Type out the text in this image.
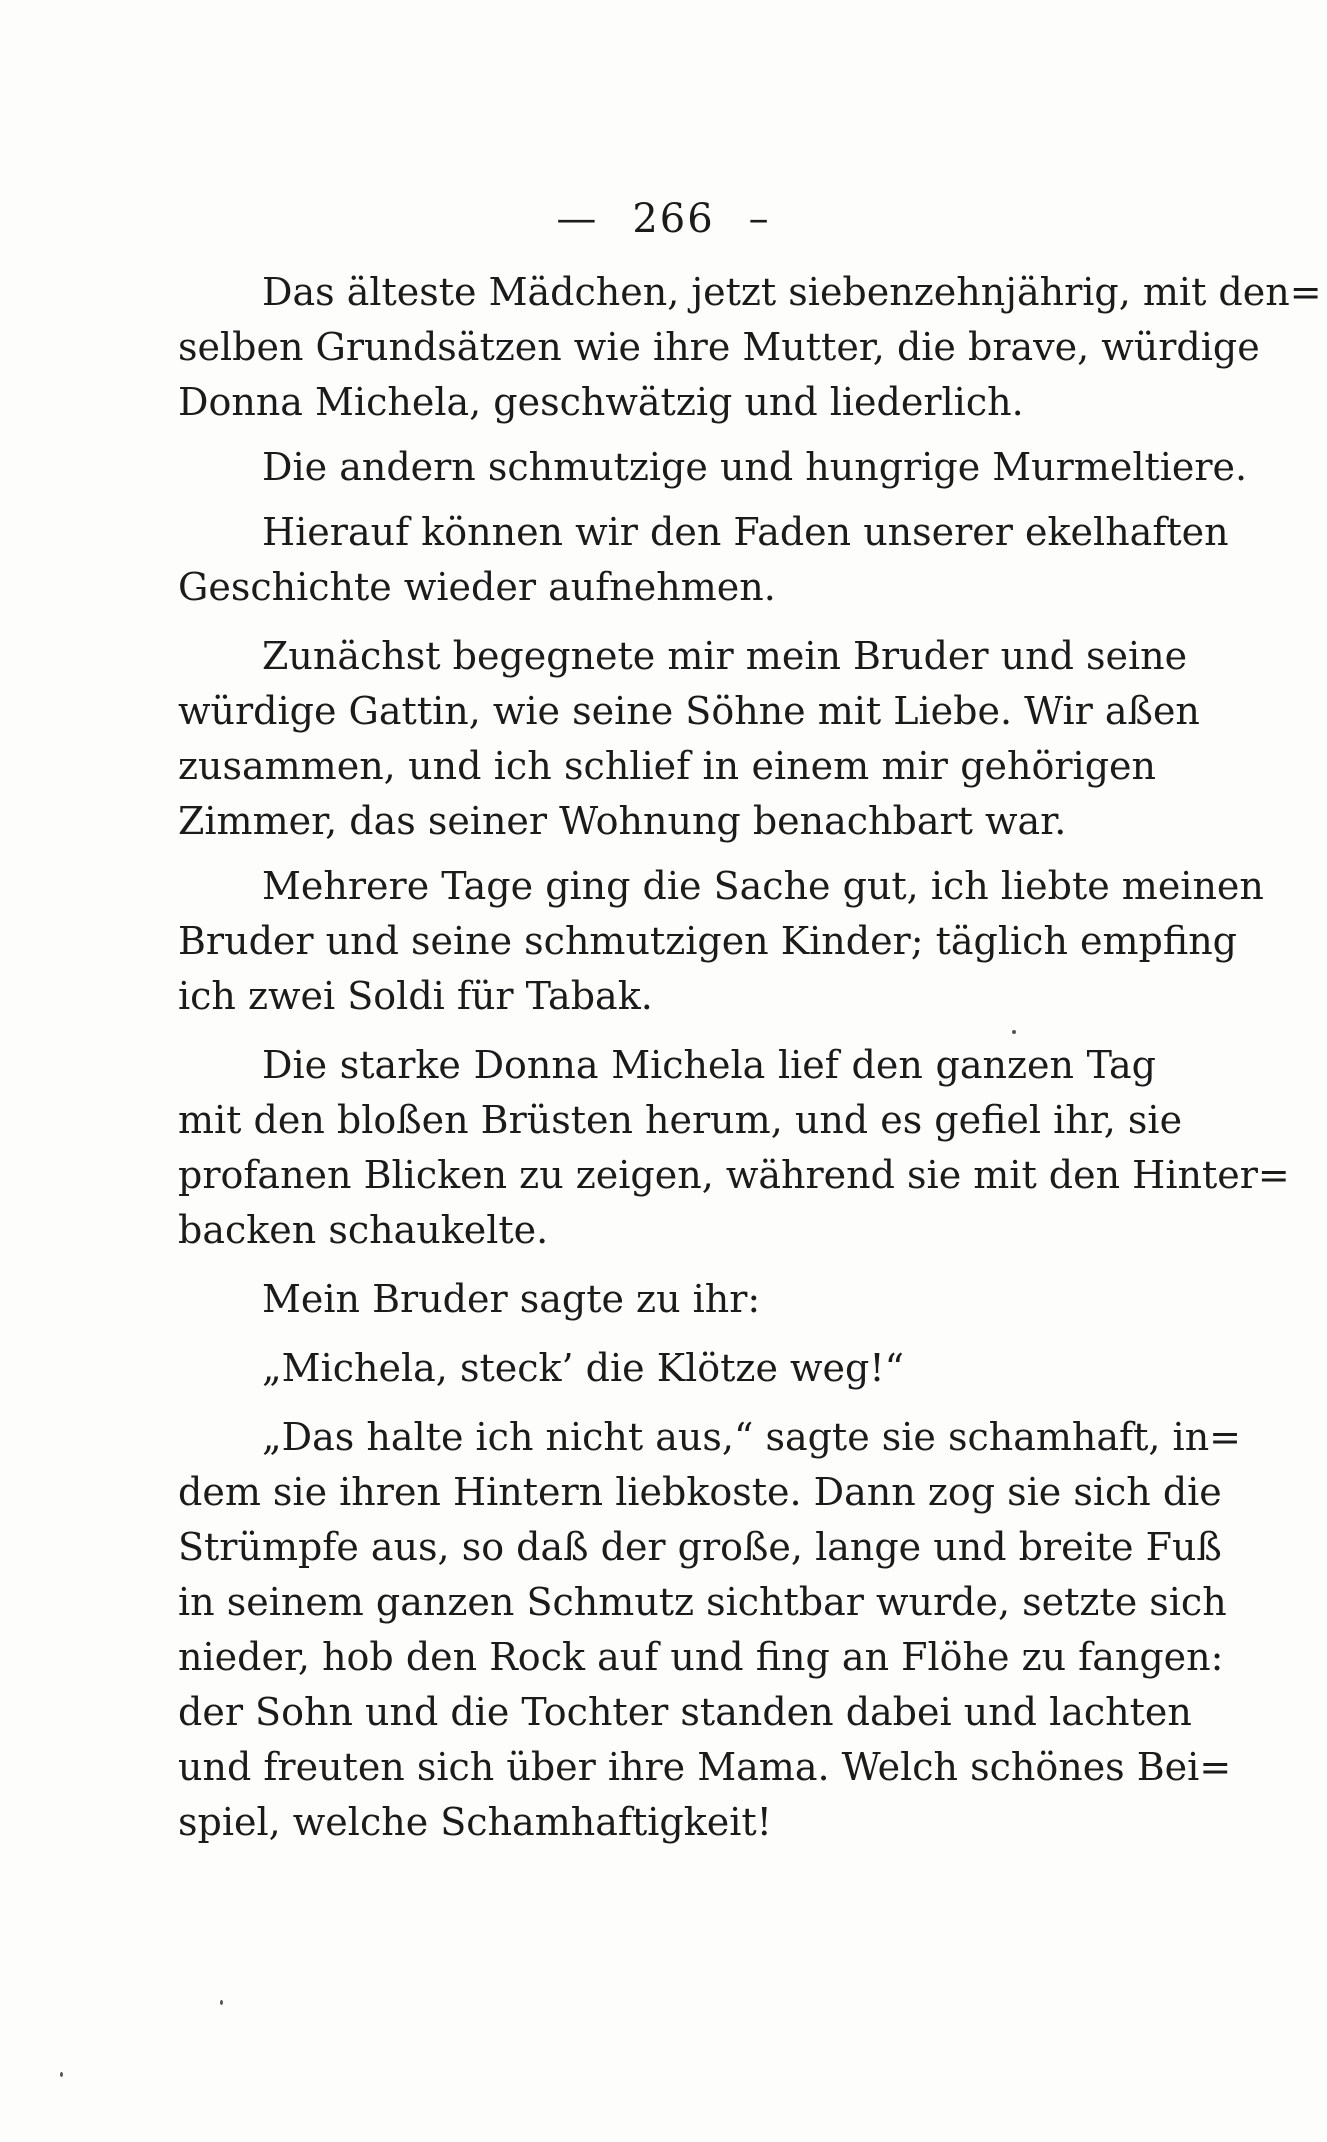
— 266 –
Das älteste Mädchen, jetzt siebenzehnjährig, mit den=
selben Grundsätzen wie ihre Mutter, die brave, würdige
Donna Michela, geschwätzig und liederlich.
Die andern schmutzige und hungrige Murmeltiere.
Hierauf können wir den Faden unserer ekelhaften
Geschichte wieder aufnehmen.
Zunächst begegnete mir mein Bruder und seine
würdige Gattin, wie seine Söhne mit Liebe. Wir aßen
zusammen, und ich schlief in einem mir gehörigen
Zimmer, das seiner Wohnung benachbart war.
Mehrere Tage ging die Sache gut, ich liebte meinen
Bruder und seine schmutzigen Kinder; täglich empfing
ich zwei Soldi für Tabak.
Die starke Donna Michela lief den ganzen Tag
mit den bloßen Brüsten herum, und es gefiel ihr, sie
profanen Blicken zu zeigen, während sie mit den Hinter=
backen schaukelte.
Mein Bruder sagte zu ihr:
„Michela, steck’ die Klötze weg!“
„Das halte ich nicht aus,“ sagte sie schamhaft, in=
dem sie ihren Hintern liebkoste. Dann zog sie sich die
Strümpfe aus, so daß der große, lange und breite Fuß
in seinem ganzen Schmutz sichtbar wurde, setzte sich
nieder, hob den Rock auf und fing an Flöhe zu fangen:
der Sohn und die Tochter standen dabei und lachten
und freuten sich über ihre Mama. Welch schönes Bei=
spiel, welche Schamhaftigkeit!
